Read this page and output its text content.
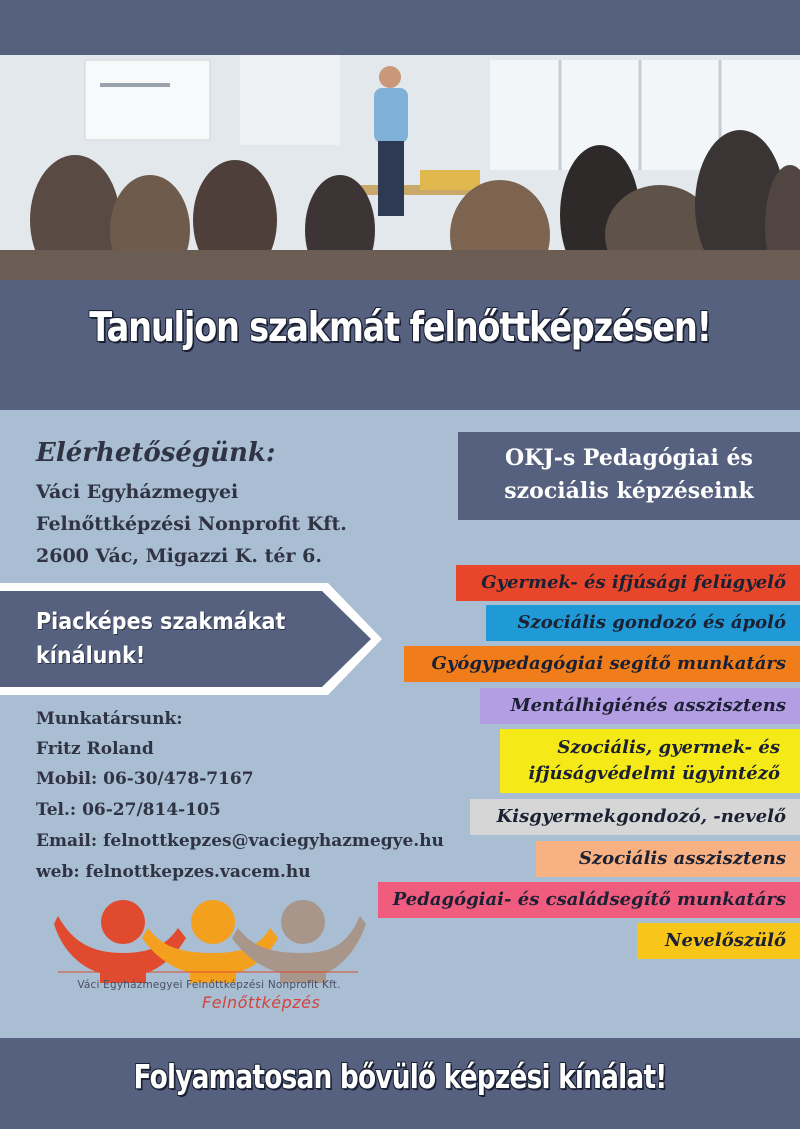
Tanuljon szakmát felnőttképzésen!
Elérhetőségünk:
Váci Egyházmegyei
Felnőttképzési Nonprofit Kft.
2600 Vác, Migazzi K. tér 6.
OKJ-s Pedagógiai és
szociális képzéseink
Piacképes szakmákat
kínálunk!
Munkatársunk:
Fritz Roland
Mobil: 06-30/478-7167
Tel.: 06-27/814-105
Email: felnottkepzes@vaciegyhazmegye.hu
web: felnottkepzes.vacem.hu
Váci Egyházmegyei Felnőttképzési Nonprofit Kft.
Felnőttképzés
Gyermek- és ifjúsági felügyelő
Szociális gondozó és ápoló
Gyógypedagógiai segítő munkatárs
Mentálhigiénés asszisztens
Szociális, gyermek- és
ifjúságvédelmi ügyintéző
Kisgyermekgondozó, -nevelő
Szociális asszisztens
Pedagógiai- és családsegítő munkatárs
Nevelőszülő
Folyamatosan bővülő képzési kínálat!
